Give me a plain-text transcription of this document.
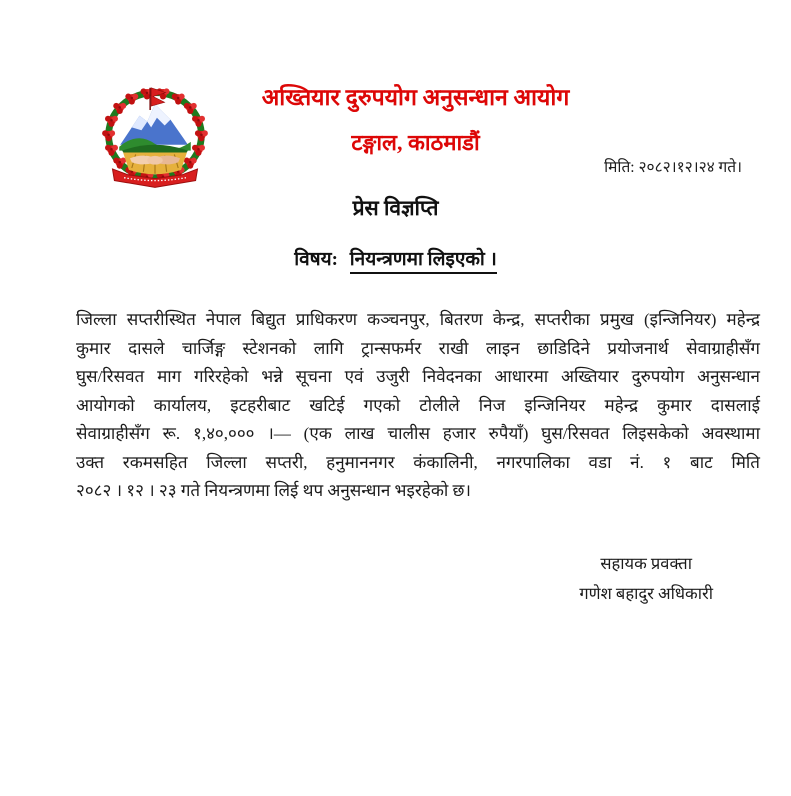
अख्तियार दुरुपयोग अनुसन्धान आयोग
टङ्गाल, काठमाडौं
मिति: २०८२।१२।२४ गते।
प्रेस विज्ञप्ति
विषय: नियन्त्रणमा लिइएको ।
जिल्ला सप्तरीस्थित नेपाल बिद्युत प्राधिकरण कञ्चनपुर, बितरण केन्द्र, सप्तरीका प्रमुख (इन्जिनियर) महेन्द्र
कुमार दासले चार्जिङ्ग स्टेशनको लागि ट्रान्सफर्मर राखी लाइन छाडिदिने प्रयोजनार्थ सेवाग्राहीसँग
घुस/रिसवत माग गरिरहेको भन्ने सूचना एवं उजुरी निवेदनका आधारमा अख्तियार दुरुपयोग अनुसन्धान
आयोगको कार्यालय, इटहरीबाट खटिई गएको टोलीले निज इन्जिनियर महेन्द्र कुमार दासलाई
सेवाग्राहीसँग रू. १,४०,००० ।— (एक लाख चालीस हजार रुपैयाँ) घुस/रिसवत लिइसकेको अवस्थामा
उक्त रकमसहित जिल्ला सप्तरी, हनुमाननगर कंकालिनी, नगरपालिका वडा नं. १ बाट मिति
२०८२ । १२ । २३ गते नियन्त्रणमा लिई थप अनुसन्धान भइरहेको छ।
सहायक प्रवक्ता
गणेश बहादुर अधिकारी
